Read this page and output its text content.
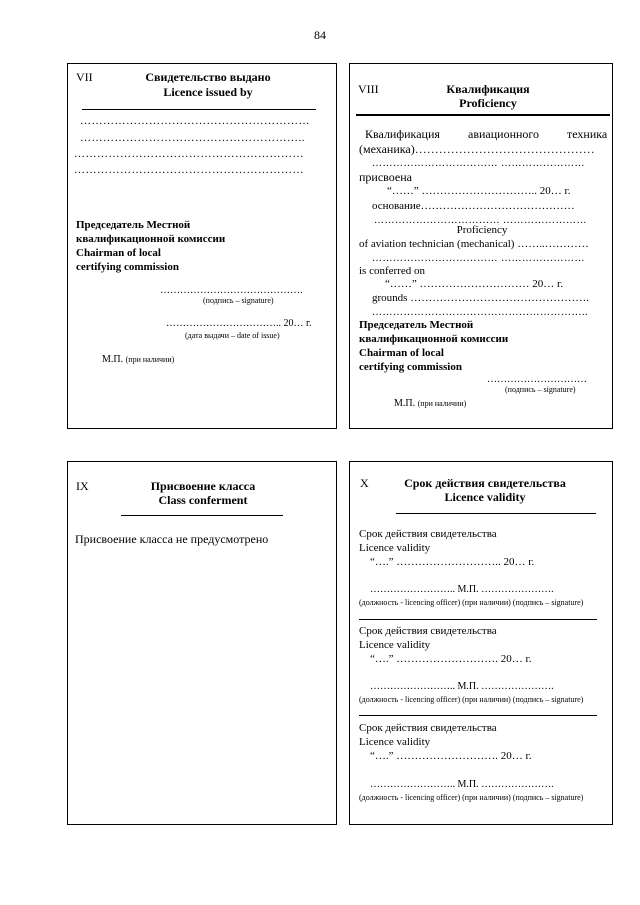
84
VII	Свидетельство выдано
Licence issued by
……………………………………………………
…………………………………………………..
……………………………………………………
……………………………………………………
Председатель Местной
квалификационной комиссии
Chairman of local
certifying commission
…………………………………….
(подпись – signature)
…………………………….. 20… г.
(дата выдачи – date of issue)
М.П. (при наличии)
VIII	Квалификация
Proficiency
Квалификация авиационного техника
(механика)………………………………………
……………………………… ……………………
присвоена
“……” ………………………….. 20… г.
основание……………………………………
……………………………… ……………………
Proficiency
of aviation technician (mechanical) ……..…………
……………………………… ……………………
is conferred on
“……” ………………………… 20… г.
grounds ………………………………………….
……………………………………………………..
Председатель Местной
квалификационной комиссии
Chairman of local
certifying commission
…………………………
(подпись – signature)
М.П. (при наличии)
IX	Присвоение класса
Class conferment
Присвоение класса не предусмотрено
X	Срок действия свидетельства
Licence validity
Срок действия свидетельства
Licence validity
“….” ……………………….. 20… г.
…………………….. М.П. ………………….
(должность - licencing officer) (при наличии) (подпись – signature)
Срок действия свидетельства
Licence validity
“….” ………………………. 20… г.
…………………….. М.П. ………………….
(должность - licencing officer) (при наличии) (подпись – signature)
Срок действия свидетельства
Licence validity
“….” ………………………. 20… г.
…………………….. М.П. ………………….
(должность - licencing officer) (при наличии) (подпись – signature)
